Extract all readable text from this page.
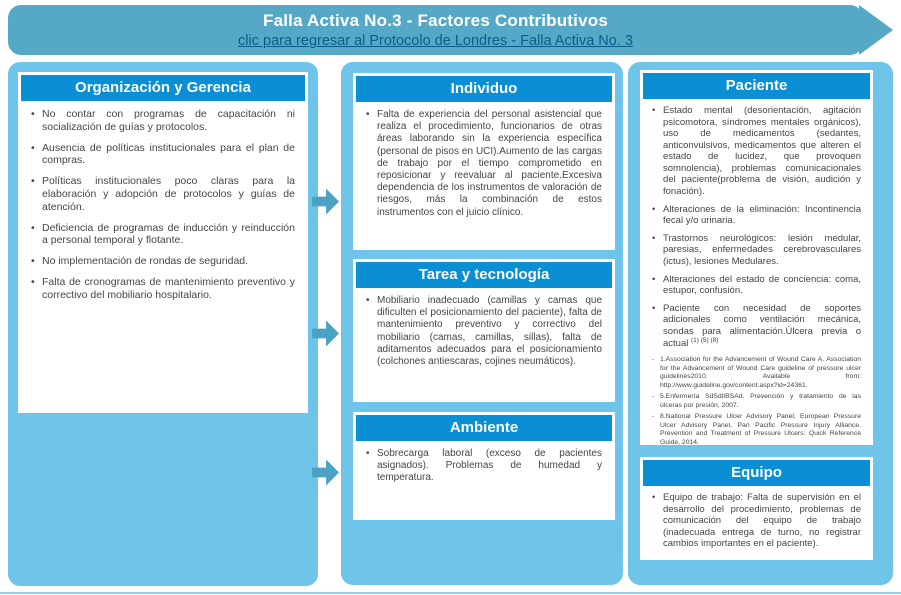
Falla Activa No.3 - Factores Contributivos
clic para regresar al Protocolo de Londres - Falla Activa No. 3
Organización y Gerencia
• No contar con programas de capacitación ni socialización de guías y protocolos.
• Ausencia de políticas institucionales para el plan de compras.
• Políticas institucionales poco claras para la elaboración y adopción de protocolos y guías de atención.
• Deficiencia de programas de inducción y reinducción a personal temporal y flotante.
• No implementación de rondas de seguridad.
• Falta de cronogramas de mantenimiento preventivo y correctivo del mobiliario hospitalario.
Individuo
• Falta de experiencia del personal asistencial que realiza el procedimiento, funcionarios de otras áreas laborando sin la experiencia específica (personal de pisos en UCI).Aumento de las cargas de trabajo por el tiempo comprometido en reposicionar y reevaluar al paciente.Excesiva dependencia de los instrumentos de valoración de riesgos, más la combinación de estos instrumentos con el juicio clínico.
Tarea y tecnología
• Mobiliario inadecuado (camillas y camas que dificulten el posicionamiento del paciente), falta de mantenimiento preventivo y correctivo del mobiliario (camas, camillas, sillas), falta de aditamentos adecuados para el posicionamiento (colchones antiescaras, cojines neumáticos).
Ambiente
• Sobrecarga laboral (exceso de pacientes asignados). Problemas de humedad y temperatura.
Paciente
• Estado mental (desorientación, agitación psicomotora, síndromes mentales orgánicos), uso de medicamentos (sedantes, anticonvulsivos, medicamentos que alteren el estado de lucidez, que provoquen somnolencia), problemas comunicacionales del paciente(problema de visión, audición y fonación).
• Alteraciones de la eliminación: Incontinencia fecal y/o urinaria.
• Trastornos neurológicos: lesión medular, paresias, enfermedades cerebrovasculares (ictus), lesiones Medulares.
• Alteraciones del estado de conciencia: coma, estupor, confusión.
• Paciente con necesidad de soportes adicionales como ventilación mecánica, sondas para alimentación.Úlcera previa o actual $^{(1) (5) (8)}$
- 1.Association for the Advancement of Wound Care A. Association for the Advancement of Wound Care guideline of pressure ulcer guidelines2010. Available from: http://www.guideline.gov/content.aspx?id=24361.
- 5.Enfermería SdSdlIBSAd. Prevención y tratamiento de las úlceras por presión, 2007.
- 8.National Pressure Ulcer Advisory Panel, European Pressure Ulcer Advisory Panel, Pan Pacific Pressure Injury Alliance. Prevention and Treatment of Pressure Ulcers: Quick Reference Guide, 2014.
Equipo
• Equipo de trabajo: Falta de supervisión en el desarrollo del procedimiento, problemas de comunicación del equipo de trabajo (inadecuada entrega de turno, no registrar cambios importantes en el paciente).
